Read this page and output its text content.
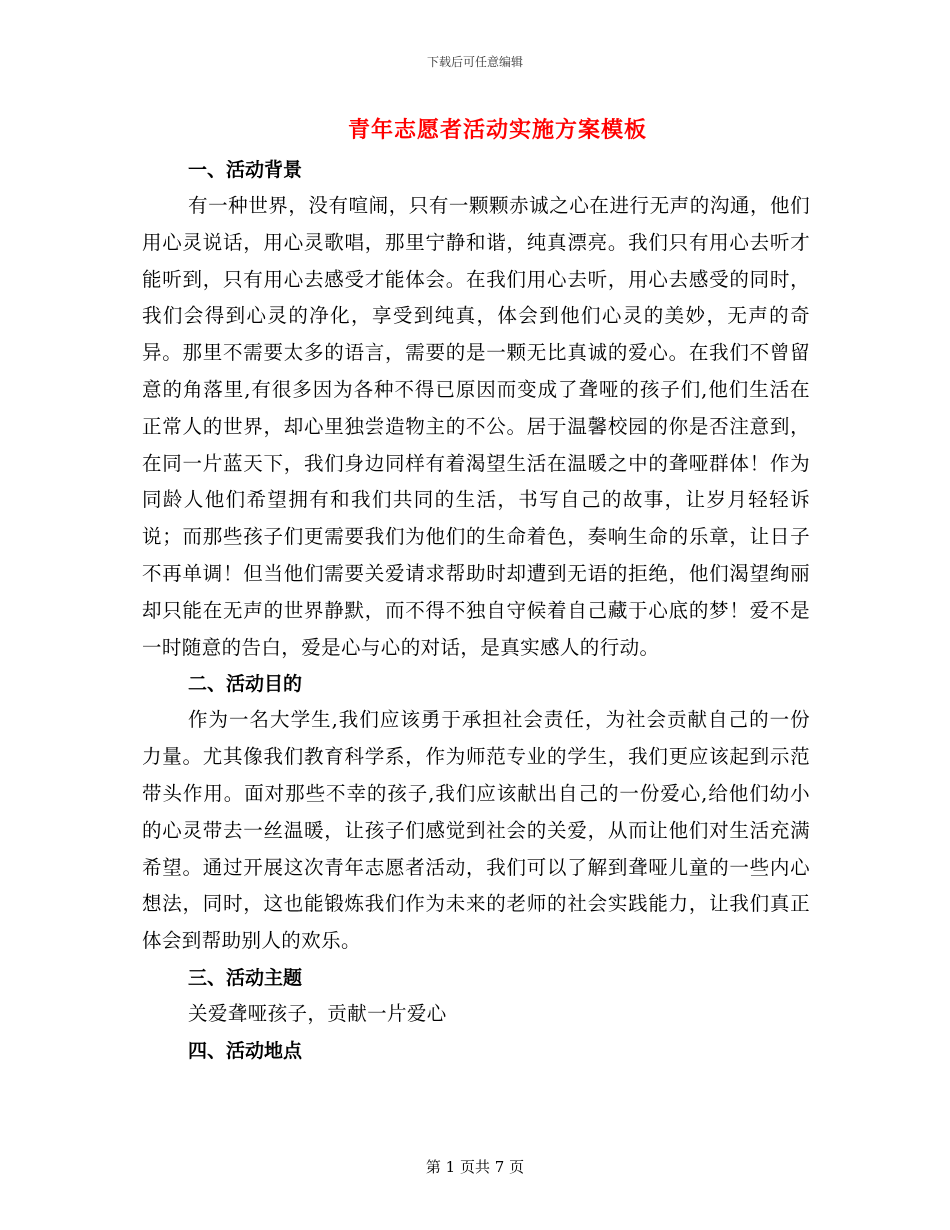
下载后可任意编辑
青年志愿者活动实施方案模板

一、活动背景

有一种世界，没有喧闹，只有一颗颗赤诚之心在进行无声的沟通，他们用心灵说话，用心灵歌唱，那里宁静和谐，纯真漂亮。我们只有用心去听才能听到，只有用心去感受才能体会。在我们用心去听，用心去感受的同时，我们会得到心灵的净化，享受到纯真，体会到他们心灵的美妙，无声的奇异。那里不需要太多的语言，需要的是一颗无比真诚的爱心。在我们不曾留意的角落里,有很多因为各种不得已原因而变成了聋哑的孩子们,他们生活在正常人的世界，却心里独尝造物主的不公。居于温馨校园的你是否注意到，在同一片蓝天下，我们身边同样有着渴望生活在温暖之中的聋哑群体！作为同龄人他们希望拥有和我们共同的生活，书写自己的故事，让岁月轻轻诉说；而那些孩子们更需要我们为他们的生命着色，奏响生命的乐章，让日子不再单调！但当他们需要关爱请求帮助时却遭到无语的拒绝，他们渴望绚丽却只能在无声的世界静默，而不得不独自守候着自己藏于心底的梦！爱不是一时随意的告白，爱是心与心的对话，是真实感人的行动。

二、活动目的

作为一名大学生,我们应该勇于承担社会责任，为社会贡献自己的一份力量。尤其像我们教育科学系，作为师范专业的学生，我们更应该起到示范带头作用。面对那些不幸的孩子,我们应该献出自己的一份爱心,给他们幼小的心灵带去一丝温暖，让孩子们感觉到社会的关爱，从而让他们对生活充满希望。通过开展这次青年志愿者活动，我们可以了解到聋哑儿童的一些内心想法，同时，这也能锻炼我们作为未来的老师的社会实践能力，让我们真正体会到帮助别人的欢乐。

三、活动主题

关爱聋哑孩子，贡献一片爱心

四、活动地点

第 1 页共 7 页
